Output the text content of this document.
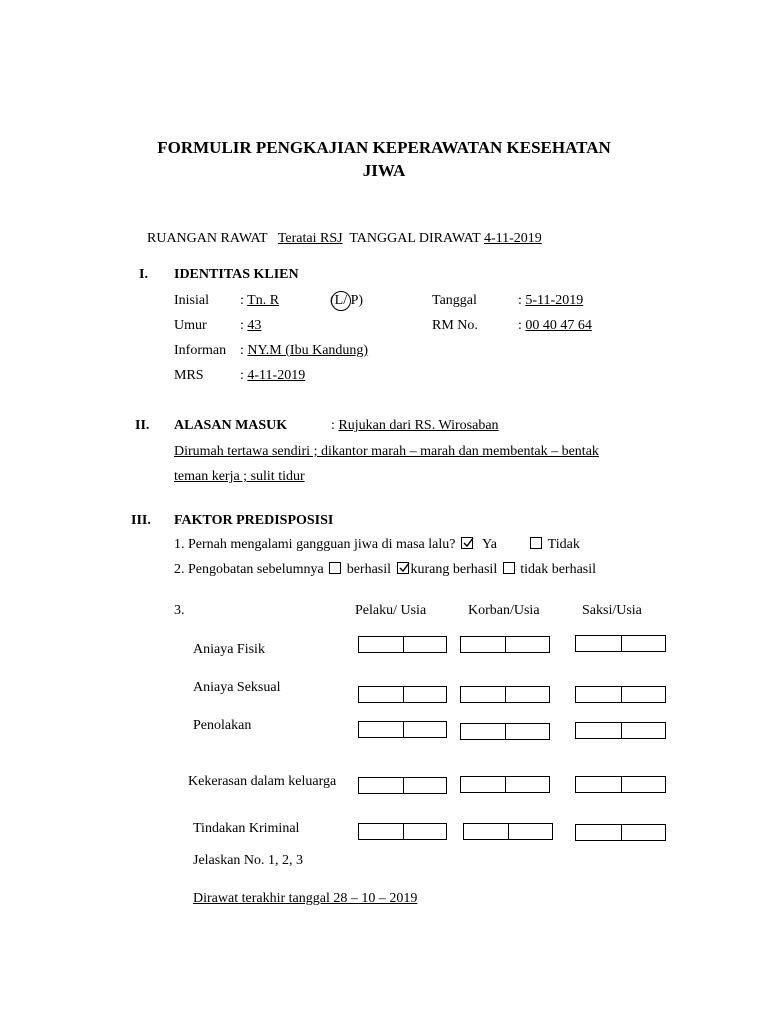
FORMULIR PENGKAJIAN KEPERAWATAN KESEHATAN
JIWA
RUANGAN RAWAT Teratai RSJ TANGGAL DIRAWAT 4-11-2019
I. IDENTITAS KLIEN
Inisial : Tn. R	(L/ P)	Tanggal	: 5-11-2019
Umur : 43	RM No.	: 00 40 47 64
Informan : NY.M (Ibu Kandung)
MRS	: 4-11-2019
II. ALASAN MASUK	: Rujukan dari RS. Wirosaban
Dirumah tertawa sendiri ; dikantor marah – marah dan membentak – bentak
teman kerja ; sulit tidur
III. FAKTOR PREDISPOSISI
1. Pernah mengalami gangguan jiwa di masa lalu? Ya	Tidak
2. Pengobatan sebelumnya berhasil kurang berhasil tidak berhasil
3.	Pelaku/ Usia	Korban/Usia	Saksi/Usia
Aniaya Fisik
Aniaya Seksual
Penolakan
Kekerasan dalam keluarga
Tindakan Kriminal
Jelaskan No. 1, 2, 3
Dirawat terakhir tanggal 28 – 10 – 2019
